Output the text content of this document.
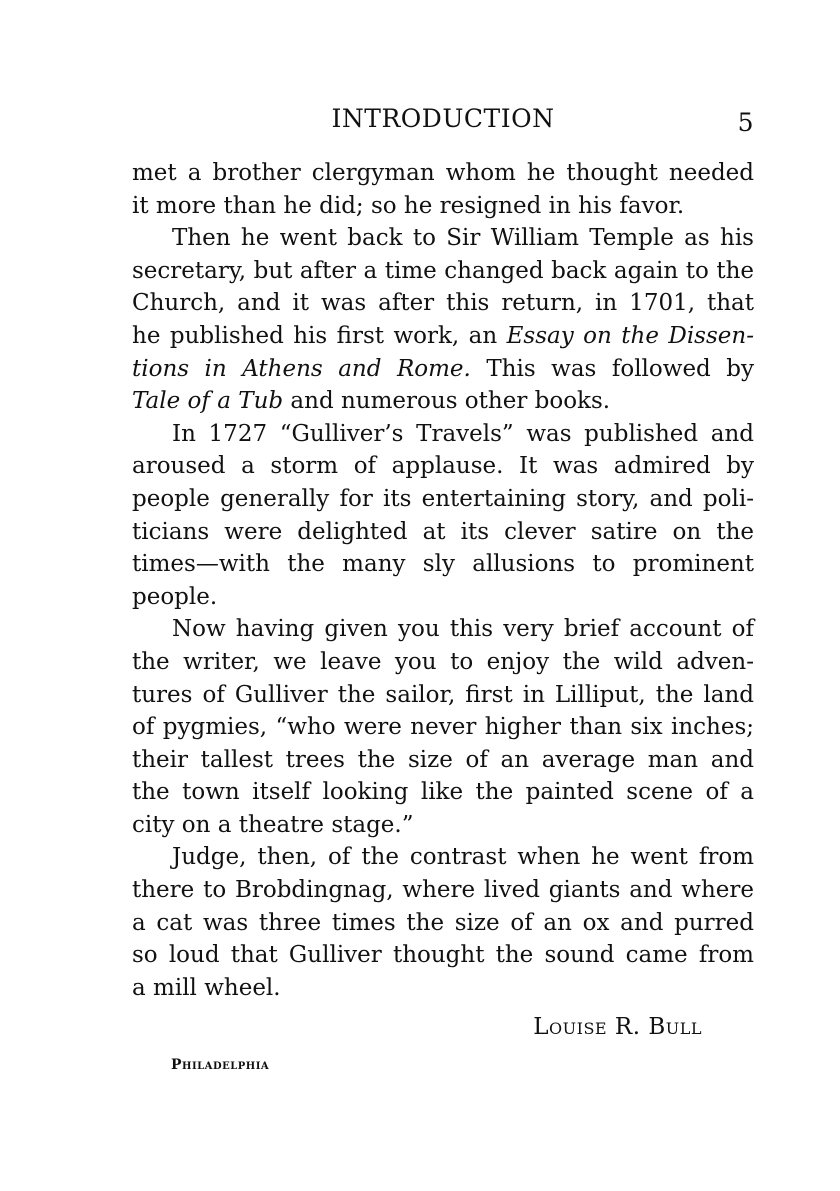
INTRODUCTION	5
met a brother clergyman whom he thought needed
it more than he did; so he resigned in his favor.
Then he went back to Sir William Temple as his
secretary, but after a time changed back again to the
Church, and it was after this return, in 1701, that
he published his first work, an Essay on the Dissen-
tions in Athens and Rome. This was followed by
Tale of a Tub and numerous other books.
In 1727 “Gulliver’s Travels” was published and
aroused a storm of applause. It was admired by
people generally for its entertaining story, and poli-
ticians were delighted at its clever satire on the
times—with the many sly allusions to prominent
people.
Now having given you this very brief account of
the writer, we leave you to enjoy the wild adven-
tures of Gulliver the sailor, first in Lilliput, the land
of pygmies, “who were never higher than six inches;
their tallest trees the size of an average man and
the town itself looking like the painted scene of a
city on a theatre stage.”
Judge, then, of the contrast when he went from
there to Brobdingnag, where lived giants and where
a cat was three times the size of an ox and purred
so loud that Gulliver thought the sound came from
a mill wheel.
Louise R. Bull
Philadelphia
